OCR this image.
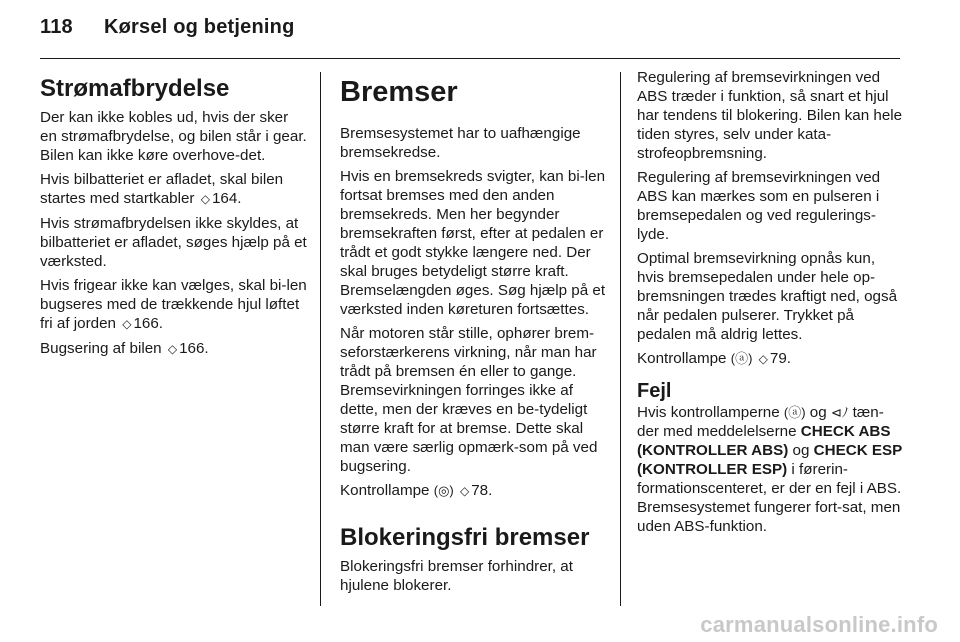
118 Kørsel og betjening
Strømafbrydelse

Der kan ikke kobles ud, hvis der sker en strømafbrydelse, og bilen står i gear. Bilen kan ikke køre overhove-det.

Hvis bilbatteriet er afladet, skal bilen startes med startkabler ◇ 164.

Hvis strømafbrydelsen ikke skyldes, at bilbatteriet er afladet, søges hjælp på et værksted.

Hvis frigear ikke kan vælges, skal bi-len bugseres med de trækkende hjul løftet fri af jorden ◇ 166.

Bugsering af bilen ◇ 166.

Bremser

Bremsesystemet har to uafhængige bremsekredse.

Hvis en bremsekreds svigter, kan bi-len fortsat bremses med den anden bremsekreds. Men her begynder bremsekraften først, efter at pedalen er trådt et godt stykke længere ned. Der skal bruges betydeligt større kraft. Bremselængden øges. Søg hjælp på et værksted inden køreturen fortsættes.

Når motoren står stille, ophører brem-seforstærkerens virkning, når man har trådt på bremsen én eller to gange. Bremsevirkningen forringes ikke af dette, men der kræves en be-tydeligt større kraft for at bremse. Dette skal man være særlig opmærk-som på ved bugsering.

Kontrollampe (◎) ◇ 78.

Blokeringsfri bremser

Blokeringsfri bremser forhindrer, at hjulene blokerer.

Regulering af bremsevirkningen ved ABS træder i funktion, så snart et hjul har tendens til blokering. Bilen kan hele tiden styres, selv under kata-strofeopbremsning.

Regulering af bremsevirkningen ved ABS kan mærkes som en pulseren i bremsepedalen og ved regulerings-lyde.

Optimal bremsevirkning opnås kun, hvis bremsepedalen under hele op-bremsningen trædes kraftigt ned, også når pedalen pulserer. Trykket på pedalen må aldrig lettes.

Kontrollampe (ⓐ) ◇ 79.

Fejl

Hvis kontrollamperne (ⓐ) og ⊲ﾉ tæn-der med meddelelserne CHECK ABS (KONTROLLER ABS) og CHECK ESP (KONTROLLER ESP) i førerin-formationscenteret, er der en fejl i ABS. Bremsesystemet fungerer fort-sat, men uden ABS-funktion.

carmanualsonline.info
